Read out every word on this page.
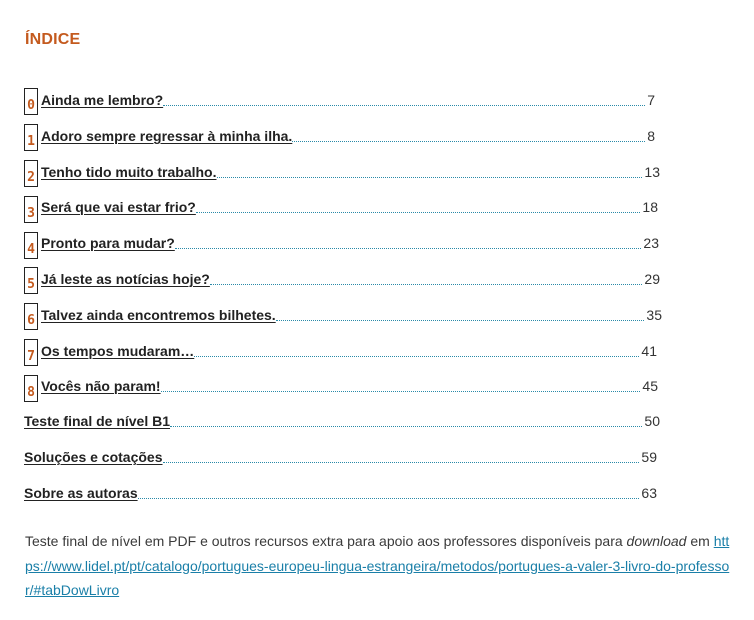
ÍNDICE
0 Ainda me lembro?	7
1 Adoro sempre regressar à minha ilha.	8
2 Tenho tido muito trabalho.	13
3 Será que vai estar frio?	18
4 Pronto para mudar?	23
5 Já leste as notícias hoje?	29
6 Talvez ainda encontremos bilhetes.	35
7 Os tempos mudaram…	41
8 Vocês não param!	45
Teste final de nível B1	50
Soluções e cotações	59
Sobre as autoras	63

Teste final de nível em PDF e outros recursos extra para apoio aos professores disponíveis para download em https://www.lidel.pt/pt/catalogo/portugues-europeu-lingua-estrangeira/metodos/portugues-a-valer-3-livro-do-professor/#tabDowLivro
